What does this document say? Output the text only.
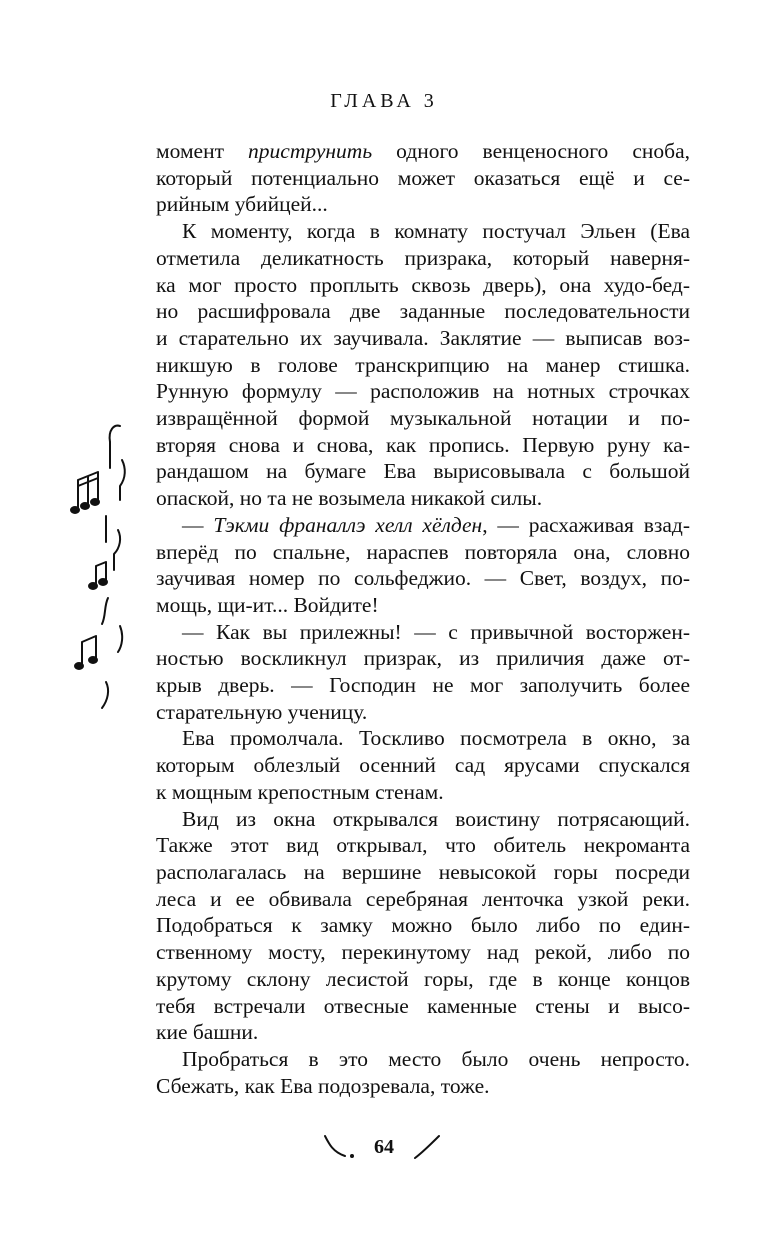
ГЛАВА 3

момент приструнить одного венценосного сноба,

который потенциально может оказаться ещё и се-

рийным убийцей...

К моменту, когда в комнату постучал Эльен (Ева

отметила деликатность призрака, который наверня-

ка мог просто проплыть сквозь дверь), она худо-бед-

но расшифровала две заданные последовательности

и старательно их заучивала. Заклятие — выписав воз-

никшую в голове транскрипцию на манер стишка.

Рунную формулу — расположив на нотных строчках

извращённой формой музыкальной нотации и по-

вторяя снова и снова, как пропись. Первую руну ка-

рандашом на бумаге Ева вырисовывала с большой

опаской, но та не возымела никакой силы.

— Тэкми франаллэ хелл хёлден, — расхаживая взад-

вперёд по спальне, нараспев повторяла она, словно

заучивая номер по сольфеджио. — Свет, воздух, по-

мощь, щи-ит... Войдите!

— Как вы прилежны! — с привычной восторжен-

ностью воскликнул призрак, из приличия даже от-

крыв дверь. — Господин не мог заполучить более

старательную ученицу.

Ева промолчала. Тоскливо посмотрела в окно, за

которым облезлый осенний сад ярусами спускался

к мощным крепостным стенам.

Вид из окна открывался воистину потрясающий.

Также этот вид открывал, что обитель некроманта

располагалась на вершине невысокой горы посреди

леса и ее обвивала серебряная ленточка узкой реки.

Подобраться к замку можно было либо по един-

ственному мосту, перекинутому над рекой, либо по

крутому склону лесистой горы, где в конце концов

тебя встречали отвесные каменные стены и высо-

кие башни.

Пробраться в это место было очень непросто.

Сбежать, как Ева подозревала, тоже.

64
